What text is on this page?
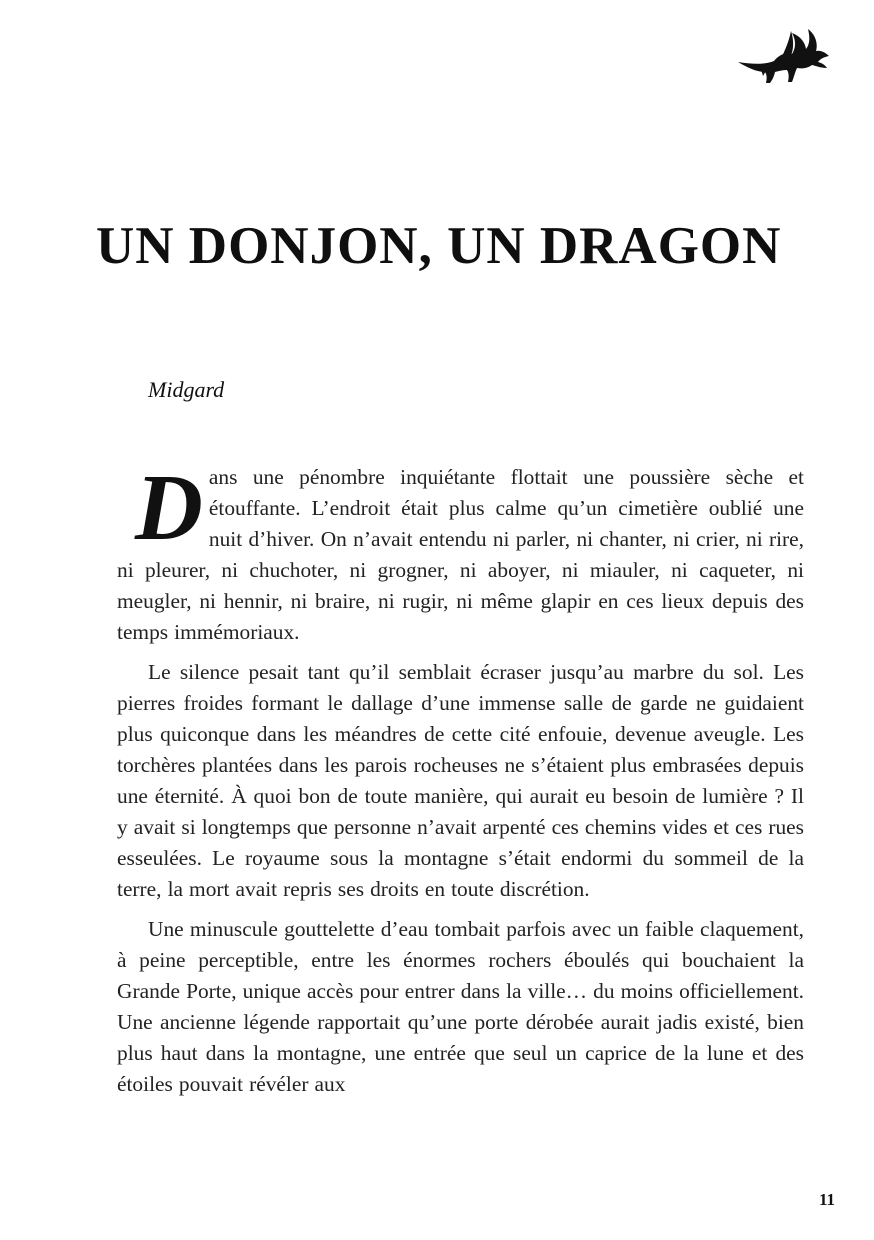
UN DONJON, UN DRAGON

Midgard

D ans une pénombre inquiétante flottait une poussière sèche et étouffante. L’endroit était plus calme qu’un cimetière oublié une nuit d’hiver. On n’avait entendu ni parler, ni chanter, ni crier, ni rire, ni pleurer, ni chuchoter, ni grogner, ni aboyer, ni miauler, ni caqueter, ni meugler, ni hennir, ni braire, ni rugir, ni même glapir en ces lieux depuis des temps immémoriaux.

Le silence pesait tant qu’il semblait écraser jusqu’au marbre du sol. Les pierres froides formant le dallage d’une immense salle de garde ne guidaient plus quiconque dans les méandres de cette cité enfouie, devenue aveugle. Les torchères plantées dans les parois rocheuses ne s’étaient plus embrasées depuis une éternité. À quoi bon de toute manière, qui aurait eu besoin de lumière ? Il y avait si longtemps que personne n’avait arpenté ces chemins vides et ces rues esseulées. Le royaume sous la montagne s’était endormi du sommeil de la terre, la mort avait repris ses droits en toute discrétion.

Une minuscule gouttelette d’eau tombait parfois avec un faible claquement, à peine perceptible, entre les énormes rochers éboulés qui bouchaient la Grande Porte, unique accès pour entrer dans la ville… du moins officiellement. Une ancienne légende rapportait qu’une porte dérobée aurait jadis existé, bien plus haut dans la montagne, une entrée que seul un caprice de la lune et des étoiles pouvait révéler aux

11
